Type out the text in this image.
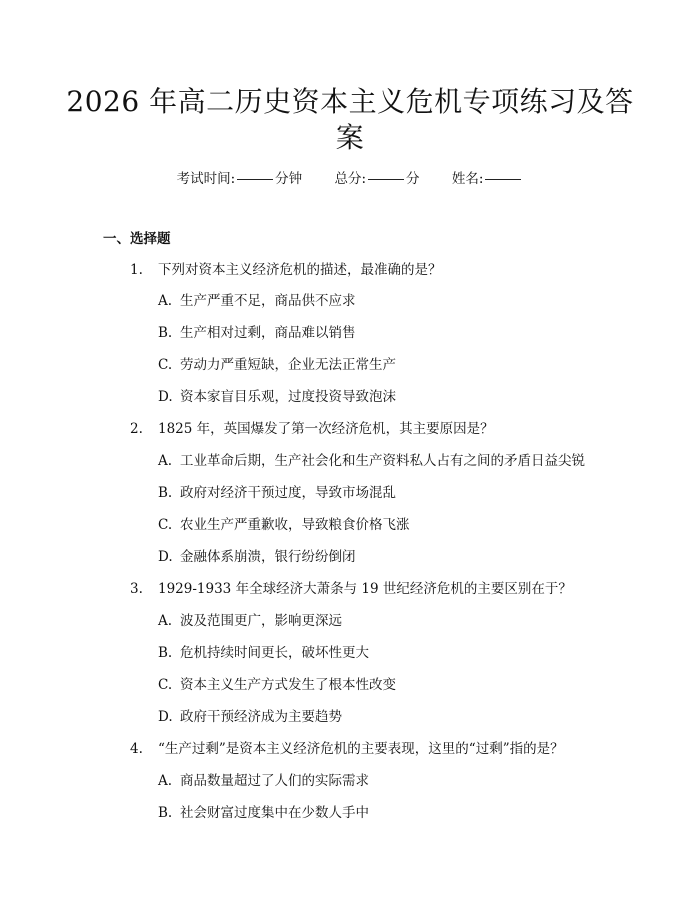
2026 年高二历史资本主义危机专项练习及答
案
考试时间:	分钟 总分:	分 姓名:
一、选择题
1. 下列对资本主义经济危机的描述，最准确的是？
A. 生产严重不足，商品供不应求
B. 生产相对过剩，商品难以销售
C. 劳动力严重短缺，企业无法正常生产
D. 资本家盲目乐观，过度投资导致泡沫
2. 1825 年，英国爆发了第一次经济危机，其主要原因是？
A. 工业革命后期，生产社会化和生产资料私人占有之间的矛盾日益尖锐
B. 政府对经济干预过度，导致市场混乱
C. 农业生产严重歉收，导致粮食价格飞涨
D. 金融体系崩溃，银行纷纷倒闭
3. 1929-1933 年全球经济大萧条与 19 世纪经济危机的主要区别在于？
A. 波及范围更广，影响更深远
B. 危机持续时间更长，破坏性更大
C. 资本主义生产方式发生了根本性改变
D. 政府干预经济成为主要趋势
4. “生产过剩”是资本主义经济危机的主要表现，这里的“过剩”指的是？
A. 商品数量超过了人们的实际需求
B. 社会财富过度集中在少数人手中
